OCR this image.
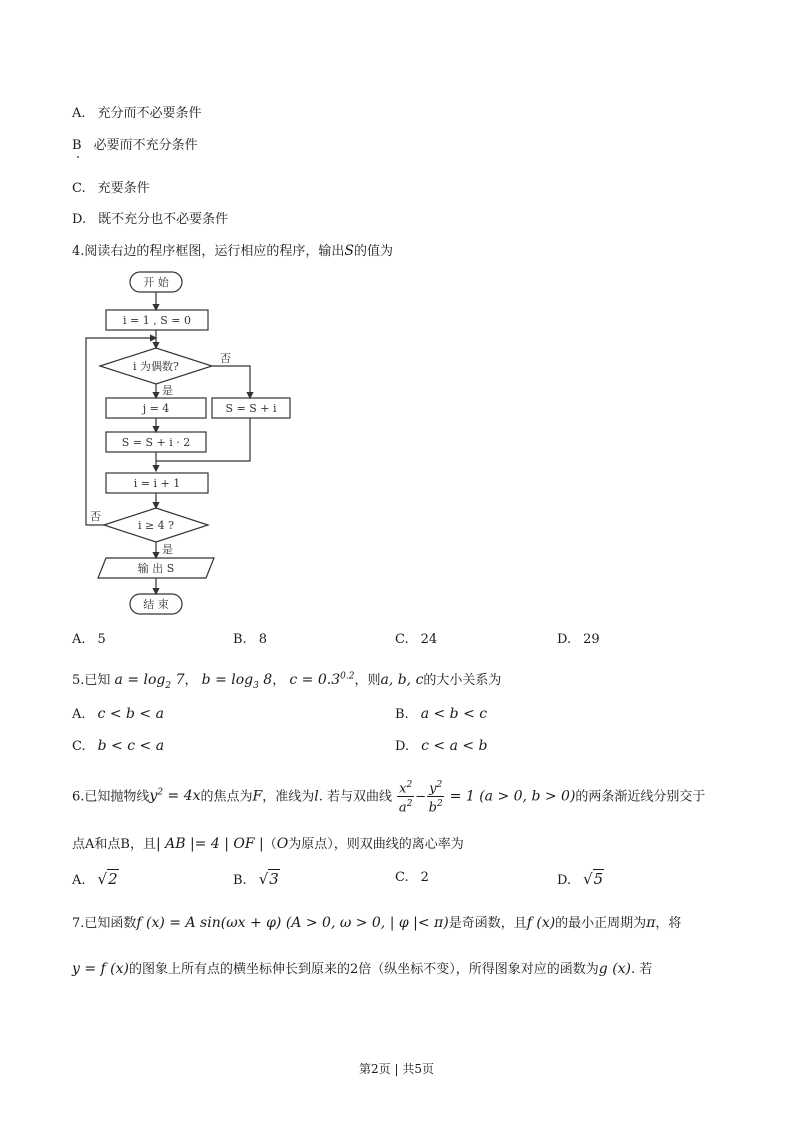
A. 充分而不必要条件
B 必要而不充分条件
C. 充要条件
D. 既不充分也不必要条件
4.阅读右边的程序框图，运行相应的程序，输出S的值为
开 始
i = 1 , S = 0
i 为偶数?
否
是
j = 4
S = S + i · 2
S = S + i
i = i + 1
i ≥ 4 ?
否
是
输 出 S
结 束
A. 5	B. 8	C. 24	D. 29
5.已知 $a = \log_2 7$， $b = \log_3 8$， $c = 0.3^{0.2}$，则a, b, c的大小关系为
A. c < b < a	B. a < b < c
C. b < c < a	D. c < a < b
6.已知抛物线$y^2 = 4x$的焦点为F，准线为l. 若与双曲线 $\frac{x^2}{a^2} - \frac{y^2}{b^2} = 1$ (a > 0, b > 0)的两条渐近线分别交于
点A和点B，且| AB |= 4 | OF |（O为原点），则双曲线的离心率为
A. √2	B. √3	C. 2	D. √5
7.已知函数f (x) = A sin(ωx + φ) (A > 0, ω > 0, | φ |< π)是奇函数，且f (x)的最小正周期为π，将
y = f (x)的图象上所有点的横坐标伸长到原来的2倍（纵坐标不变），所得图象对应的函数为g (x). 若
第2页 | 共5页
